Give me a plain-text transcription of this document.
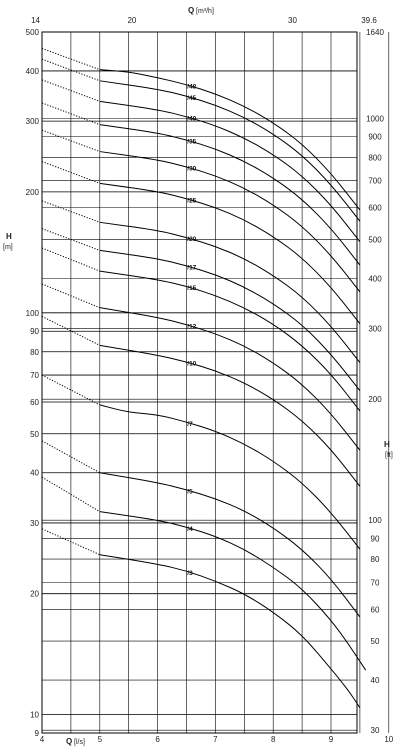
/3
/4
/5
/7
/10
/12
/15
/17
/20
/25
/30
/35
/40
/45
/48
4	5	6	7	8	9	10
14	20	30	39.6
9
10
20
30
40
50
60
70
80
90
100
200
300
400
500
30
40
50
60
70
80
90
100
200
300
400
500
600
700
800
900
1000
1640
Q [m³/h]
Q [l/s]
H
[m]
H
[ft]
